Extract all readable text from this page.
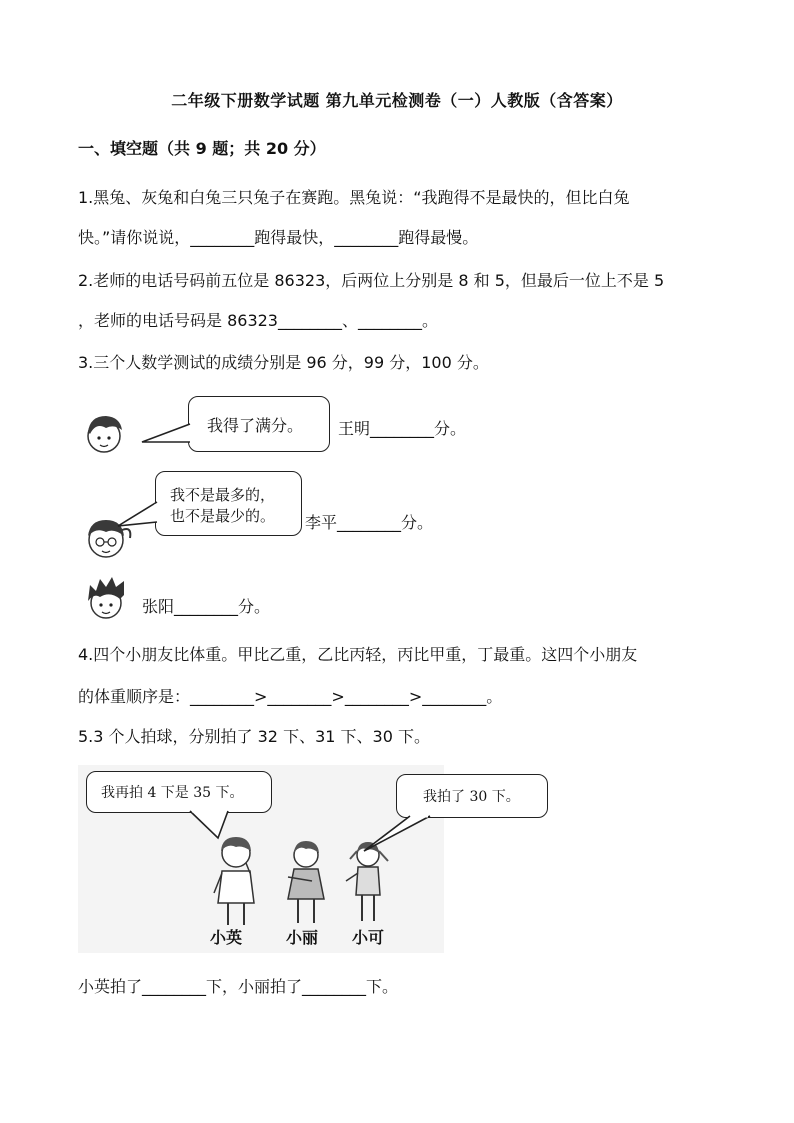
二年级下册数学试题 第九单元检测卷（一）人教版（含答案）
一、填空题（共 9 题；共 20 分）
1.黑兔、灰兔和白兔三只兔子在赛跑。黑兔说：“我跑得不是最快的，但比白兔
快。”请你说说，________跑得最快，________跑得最慢。
2.老师的电话号码前五位是 86323，后两位上分别是 8 和 5，但最后一位上不是 5
，老师的电话号码是 86323________、________。
3.三个人数学测试的成绩分别是 96 分，99 分，100 分。
我得了满分。 王明________分。
我不是最多的，
也不是最少的。 李平________分。
张阳________分。
4.四个小朋友比体重。甲比乙重，乙比丙轻，丙比甲重，丁最重。这四个小朋友
的体重顺序是：________>________>________>________。
5.3 个人拍球，分别拍了 32 下、31 下、30 下。
我再拍 4 下是 35 下。
小英	小丽 小可
我拍了 30 下。
小英拍了________下，小丽拍了________下。
